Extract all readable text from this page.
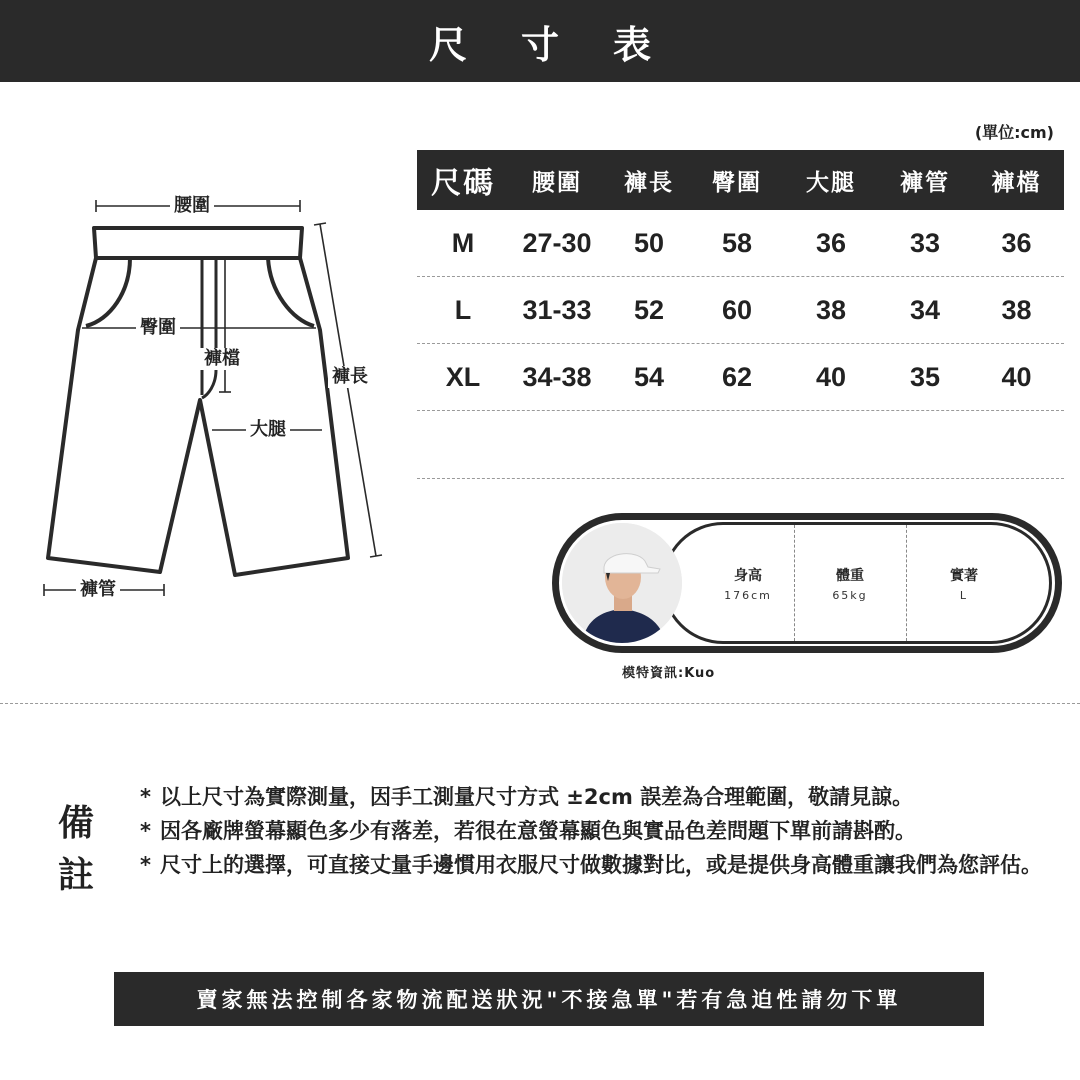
尺寸表
(單位:cm)
尺碼	腰圍	褲長	臀圍	大腿	褲管	褲檔
M	27-30	50	58	36	33	36
L	31-33	52	60	38	34	38
XL	34-38	54	62	40	35	40
腰圍
臀圍
褲檔
褲長
大腿
褲管
身高
176cm
體重
65kg
實著
L
模特資訊:Kuo
備註
* 以上尺寸為實際測量，因手工測量尺寸方式 ±2cm 誤差為合理範圍，敬請見諒。
* 因各廠牌螢幕顯色多少有落差，若很在意螢幕顯色與實品色差問題下單前請斟酌。
* 尺寸上的選擇，可直接丈量手邊慣用衣服尺寸做數據對比，或是提供身高體重讓我們為您評估。
賣家無法控制各家物流配送狀況"不接急單"若有急迫性請勿下單
